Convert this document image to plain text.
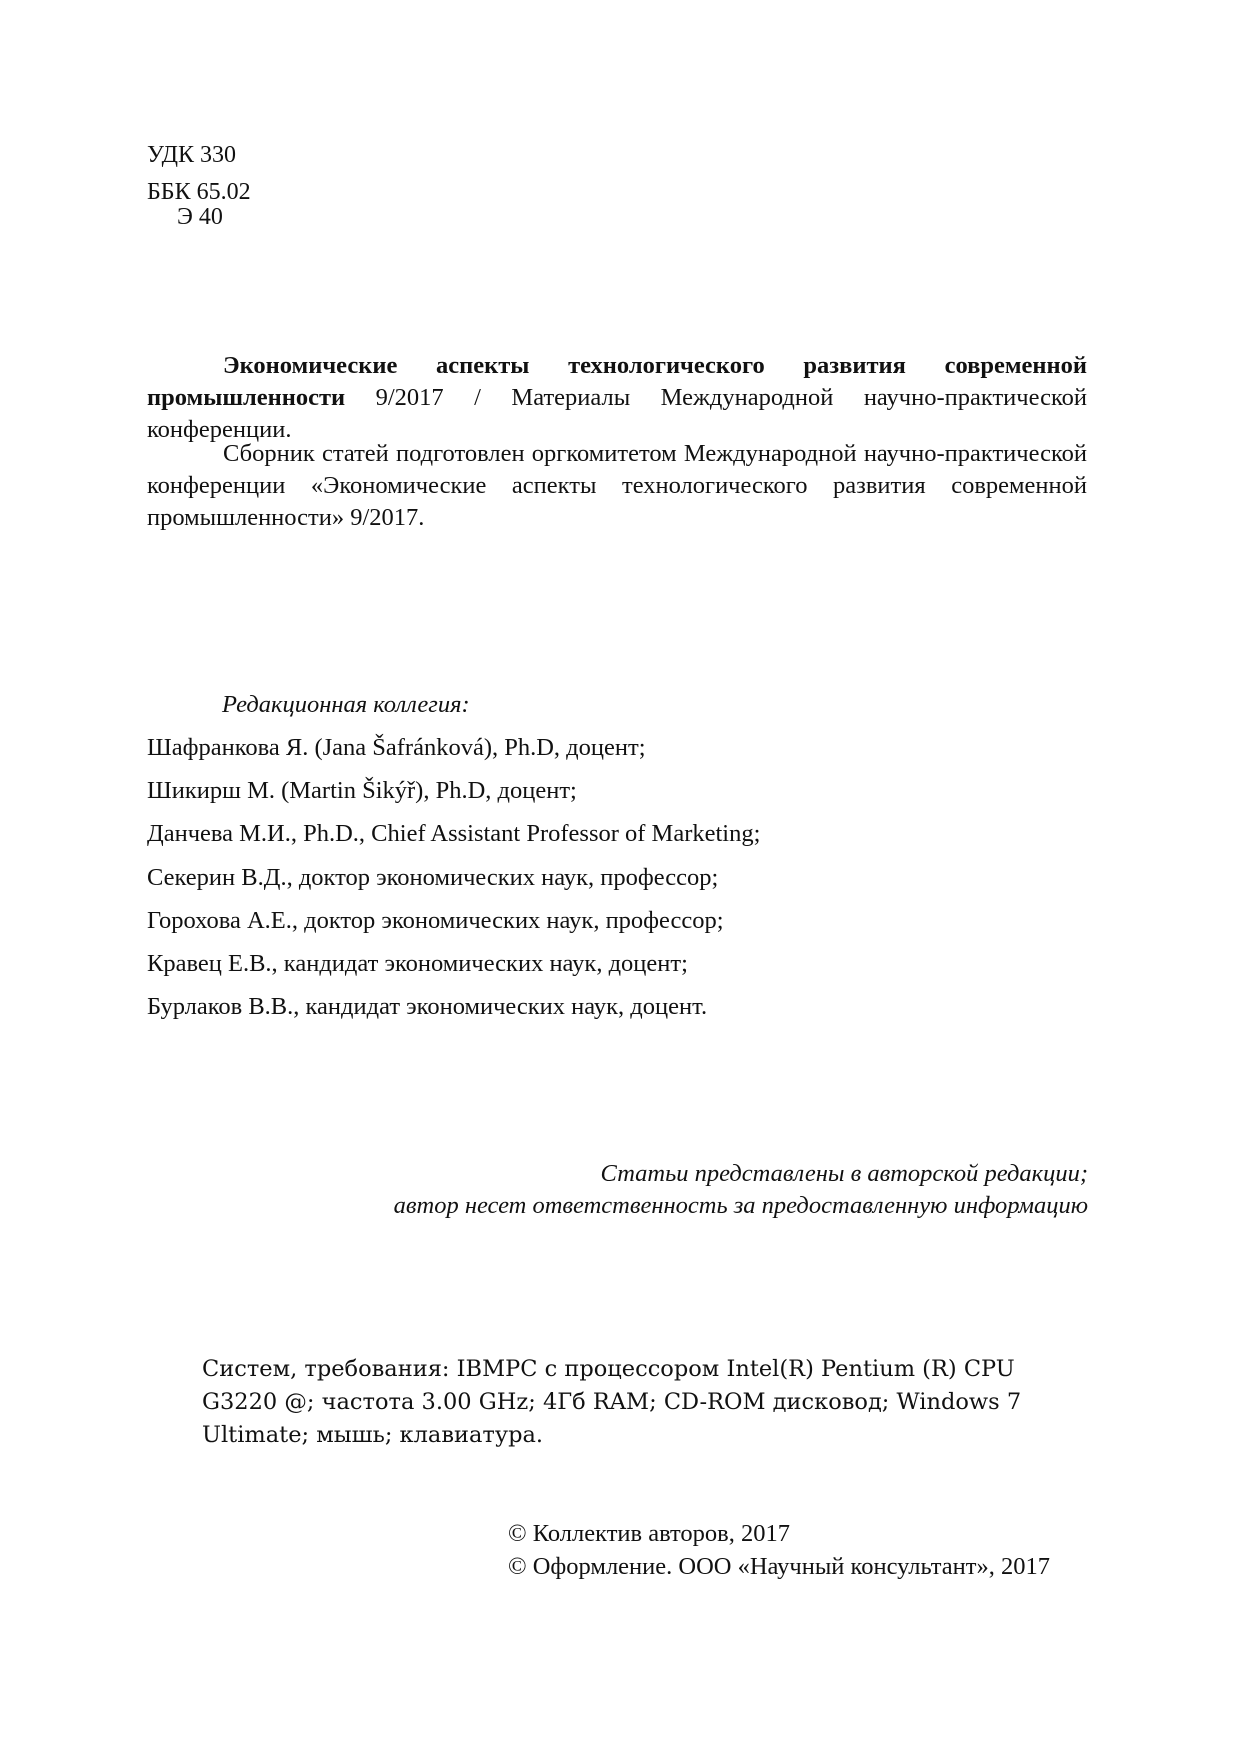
УДК 330
ББК 65.02
Э 40
Экономические аспекты технологического развития современной промышленности 9/2017 / Материалы Международной научно-практической конференции.
Сборник статей подготовлен оргкомитетом Международной научно-практической конференции «Экономические аспекты технологического развития современной промышленности» 9/2017.
Редакционная коллегия:
Шафранкова Я. (Jana Šafránková), Ph.D, доцент;
Шикирш М. (Martin Šikýř), Ph.D, доцент;
Данчева М.И., Ph.D., Chief Assistant Professor of Marketing;
Секерин В.Д., доктор экономических наук, профессор;
Горохова А.Е., доктор экономических наук, профессор;
Кравец Е.В., кандидат экономических наук, доцент;
Бурлаков В.В., кандидат экономических наук, доцент.
Статьи представлены в авторской редакции;
автор несет ответственность за предоставленную информацию
Систем, требования: IBMPC с процессором Intel(R) Pentium (R) CPU G3220 @; частота 3.00 GHz; 4Гб RAM; CD-ROM дисковод; Windows 7 Ultimate; мышь; клавиатура.
© Коллектив авторов, 2017
© Оформление. ООО «Научный консультант», 2017
